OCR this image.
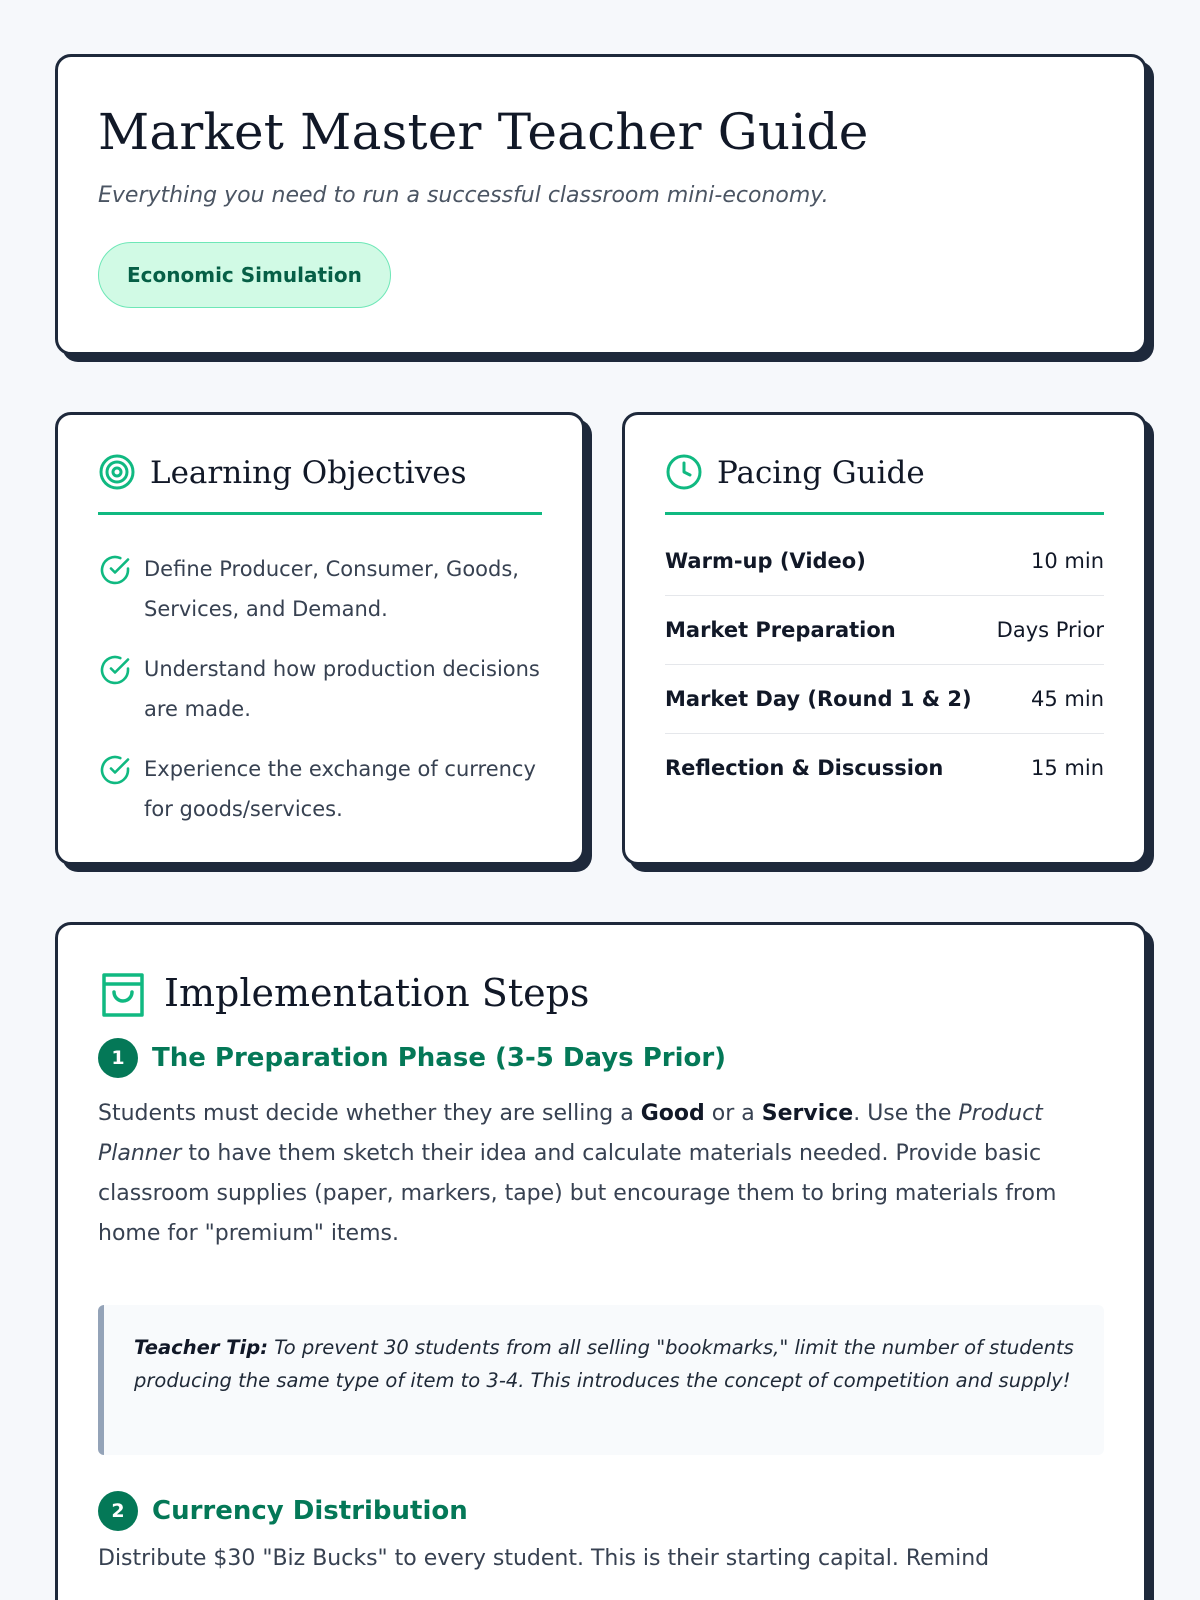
Market Master Teacher Guide

Everything you need to run a successful classroom mini-economy.

Economic Simulation
Learning Objectives
Define Producer, Consumer, Goods, Services, and Demand.
Understand how production decisions are made.
Experience the exchange of currency for goods/services.
Pacing Guide
Warm-up (Video)	10 min
Market Preparation	Days Prior
Market Day (Round 1 & 2)	45 min
Reflection & Discussion	15 min
Implementation Steps
1	The Preparation Phase (3-5 Days Prior)

Students must decide whether they are selling a Good or a Service. Use the Product Planner to have them sketch their idea and calculate materials needed. Provide basic classroom supplies (paper, markers, tape) but encourage them to bring materials from home for "premium" items.

Teacher Tip: To prevent 30 students from all selling "bookmarks," limit the number of students producing the same type of item to 3-4. This introduces the concept of competition and supply!
2	Currency Distribution

Distribute $30 "Biz Bucks" to every student. This is their starting capital. Remind
